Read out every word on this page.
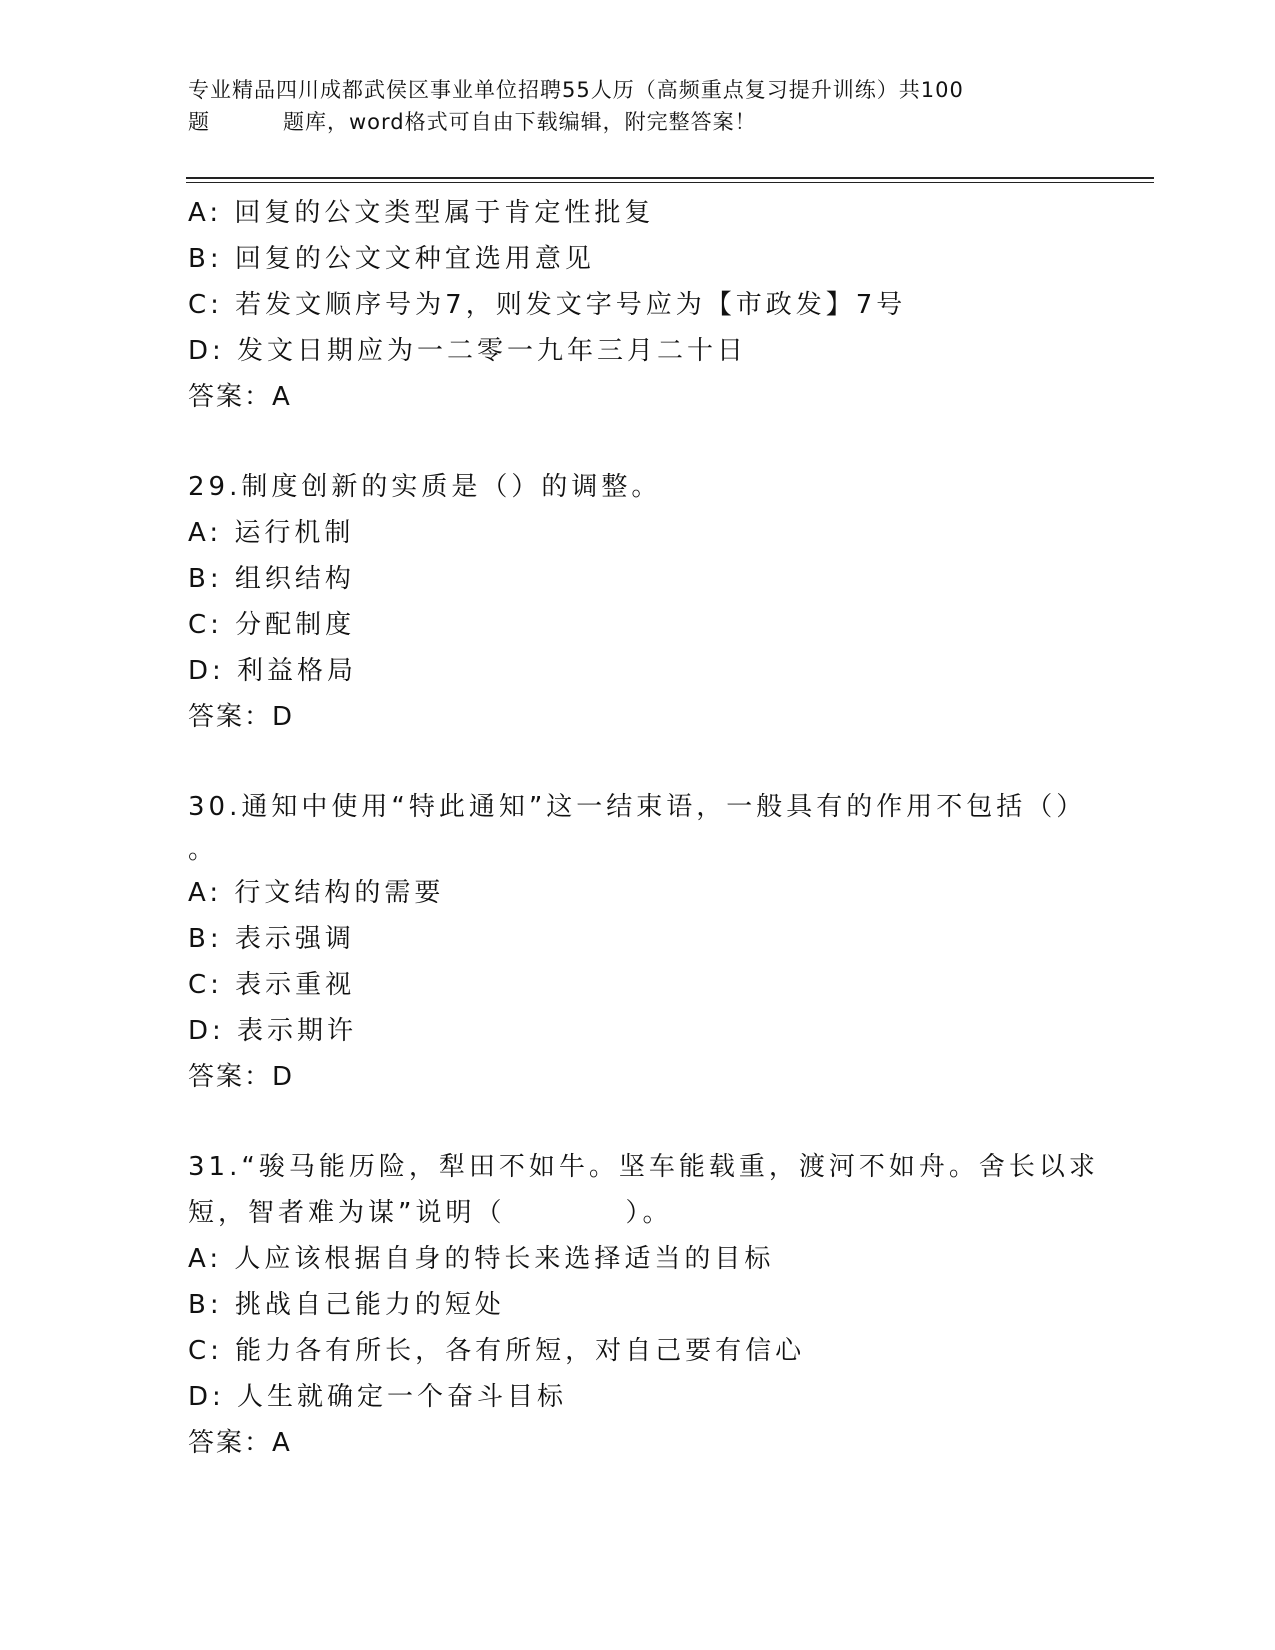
专业精品四川成都武侯区事业单位招聘55人历（高频重点复习提升训练）共100
题	题库，word格式可自由下载编辑，附完整答案！
A: 回复的公文类型属于肯定性批复
B: 回复的公文文种宜选用意见
C: 若发文顺序号为7，则发文字号应为【市政发】7号
D: 发文日期应为一二零一九年三月二十日
答案：A
29.制度创新的实质是（）的调整。
A: 运行机制
B: 组织结构
C: 分配制度
D: 利益格局
答案：D
30.通知中使用“特此通知”这一结束语，一般具有的作用不包括（）
。
A: 行文结构的需要
B: 表示强调
C: 表示重视
D: 表示期许
答案：D
31.“骏马能历险，犁田不如牛。坚车能载重，渡河不如舟。舍长以求
短，智者难为谋”说明（　　　　）。
A: 人应该根据自身的特长来选择适当的目标
B: 挑战自己能力的短处
C: 能力各有所长，各有所短，对自己要有信心
D: 人生就确定一个奋斗目标
答案：A
